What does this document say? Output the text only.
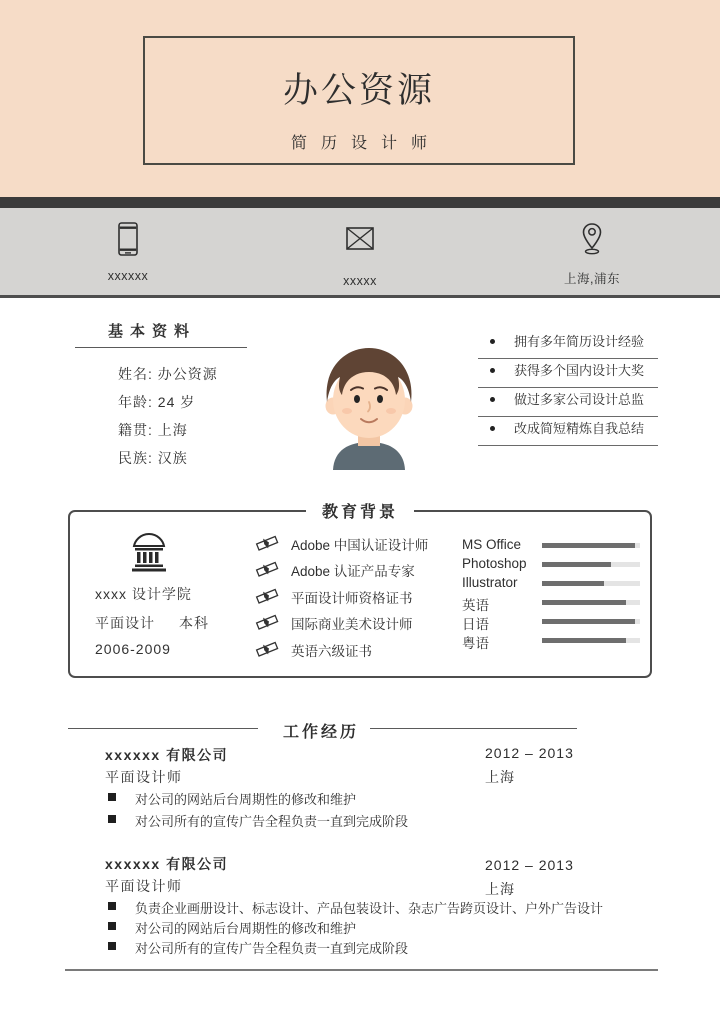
办公资源
简历设计师
xxxxxx	xxxxx	上海,浦东
基本资料
姓名: 办公资源
年龄: 24 岁
籍贯: 上海
民族: 汉族
拥有多年简历设计经验
获得多个国内设计大奖
做过多家公司设计总监
改成简短精炼自我总结
教育背景
xxxx 设计学院
平面设计 本科
2006-2009
Adobe 中国认证设计师
Adobe 认证产品专家
平面设计师资格证书
国际商业美术设计师
英语六级证书
MS Office
Photoshop
Illustrator
英语
日语
粤语
工作经历
xxxxxx 有限公司	2012 – 2013
平面设计师	上海
对公司的网站后台周期性的修改和维护
对公司所有的宣传广告全程负责一直到完成阶段
xxxxxx 有限公司	2012 – 2013
平面设计师	上海
负责企业画册设计、标志设计、产品包装设计、杂志广告跨页设计、户外广告设计
对公司的网站后台周期性的修改和维护
对公司所有的宣传广告全程负责一直到完成阶段
